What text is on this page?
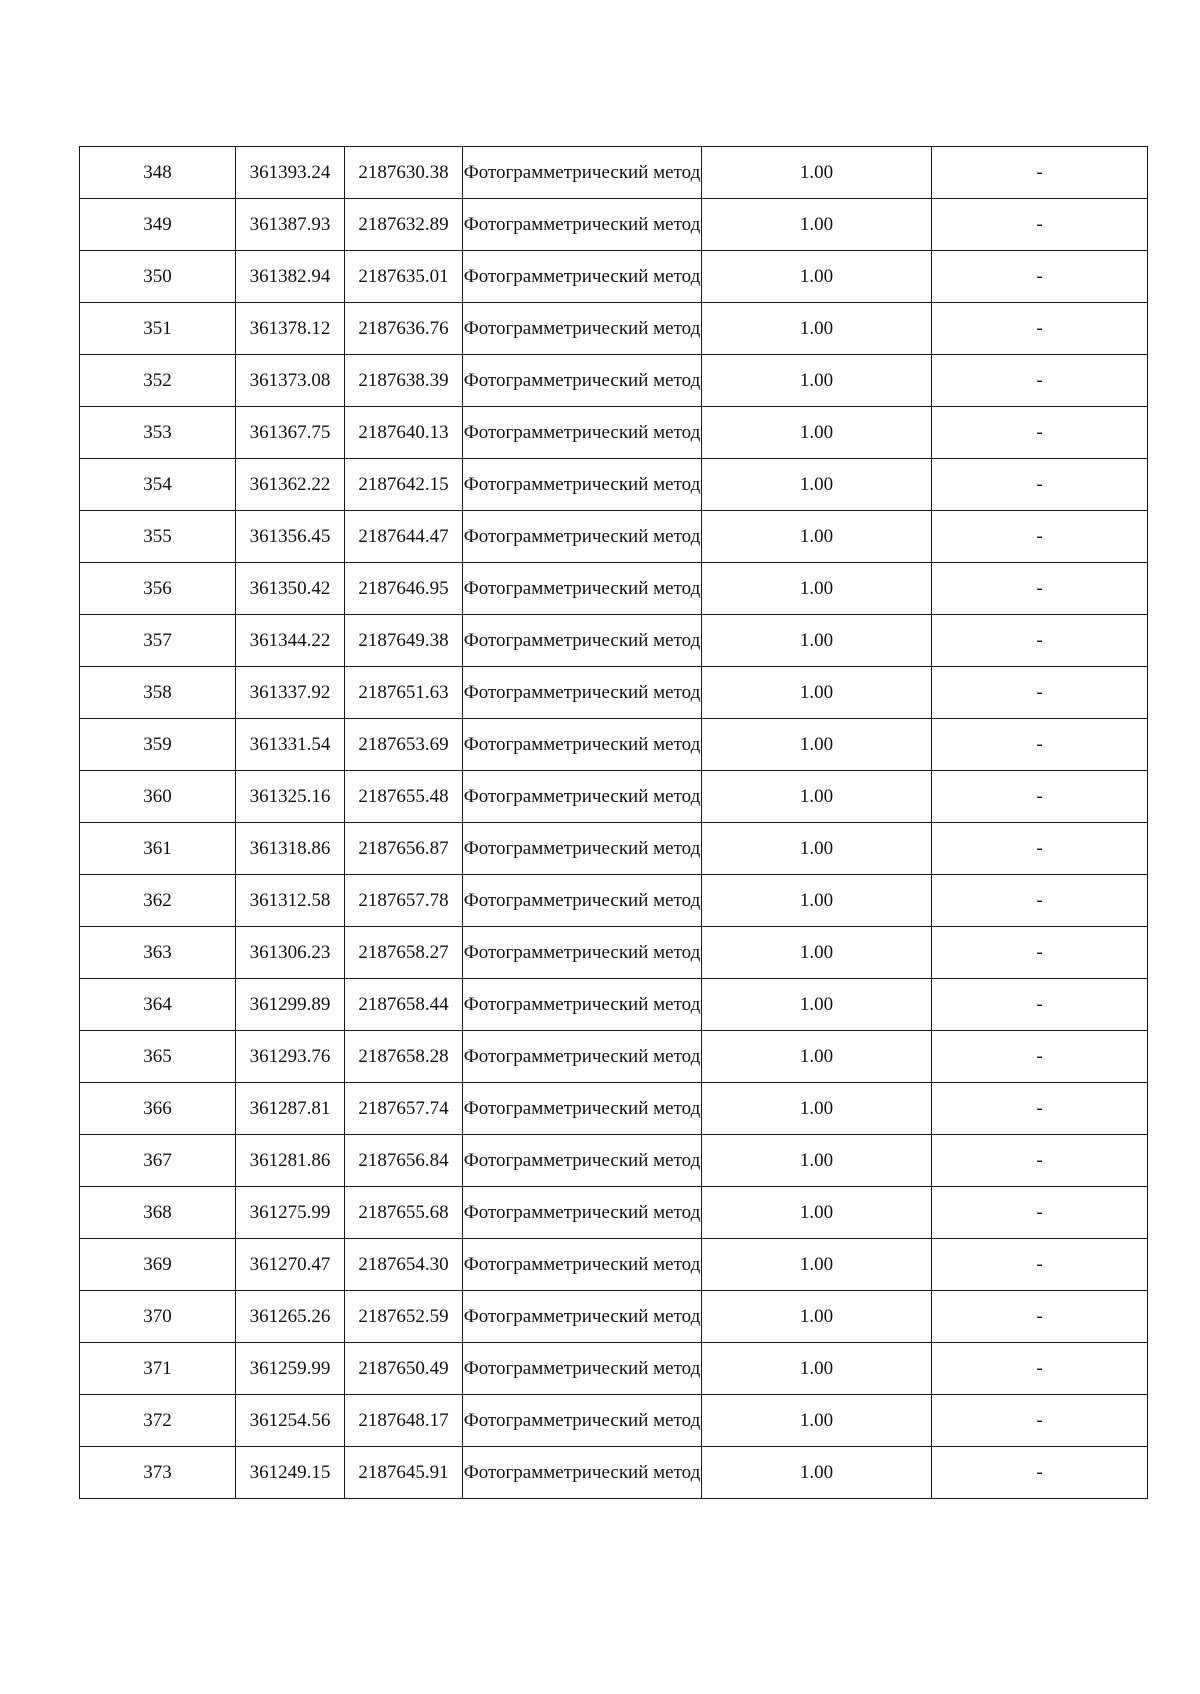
348	361393.24	2187630.38	Фотограмметрический метод	1.00	-
349	361387.93	2187632.89	Фотограмметрический метод	1.00	-
350	361382.94	2187635.01	Фотограмметрический метод	1.00	-
351	361378.12	2187636.76	Фотограмметрический метод	1.00	-
352	361373.08	2187638.39	Фотограмметрический метод	1.00	-
353	361367.75	2187640.13	Фотограмметрический метод	1.00	-
354	361362.22	2187642.15	Фотограмметрический метод	1.00	-
355	361356.45	2187644.47	Фотограмметрический метод	1.00	-
356	361350.42	2187646.95	Фотограмметрический метод	1.00	-
357	361344.22	2187649.38	Фотограмметрический метод	1.00	-
358	361337.92	2187651.63	Фотограмметрический метод	1.00	-
359	361331.54	2187653.69	Фотограмметрический метод	1.00	-
360	361325.16	2187655.48	Фотограмметрический метод	1.00	-
361	361318.86	2187656.87	Фотограмметрический метод	1.00	-
362	361312.58	2187657.78	Фотограмметрический метод	1.00	-
363	361306.23	2187658.27	Фотограмметрический метод	1.00	-
364	361299.89	2187658.44	Фотограмметрический метод	1.00	-
365	361293.76	2187658.28	Фотограмметрический метод	1.00	-
366	361287.81	2187657.74	Фотограмметрический метод	1.00	-
367	361281.86	2187656.84	Фотограмметрический метод	1.00	-
368	361275.99	2187655.68	Фотограмметрический метод	1.00	-
369	361270.47	2187654.30	Фотограмметрический метод	1.00	-
370	361265.26	2187652.59	Фотограмметрический метод	1.00	-
371	361259.99	2187650.49	Фотограмметрический метод	1.00	-
372	361254.56	2187648.17	Фотограмметрический метод	1.00	-
373	361249.15	2187645.91	Фотограмметрический метод	1.00	-
